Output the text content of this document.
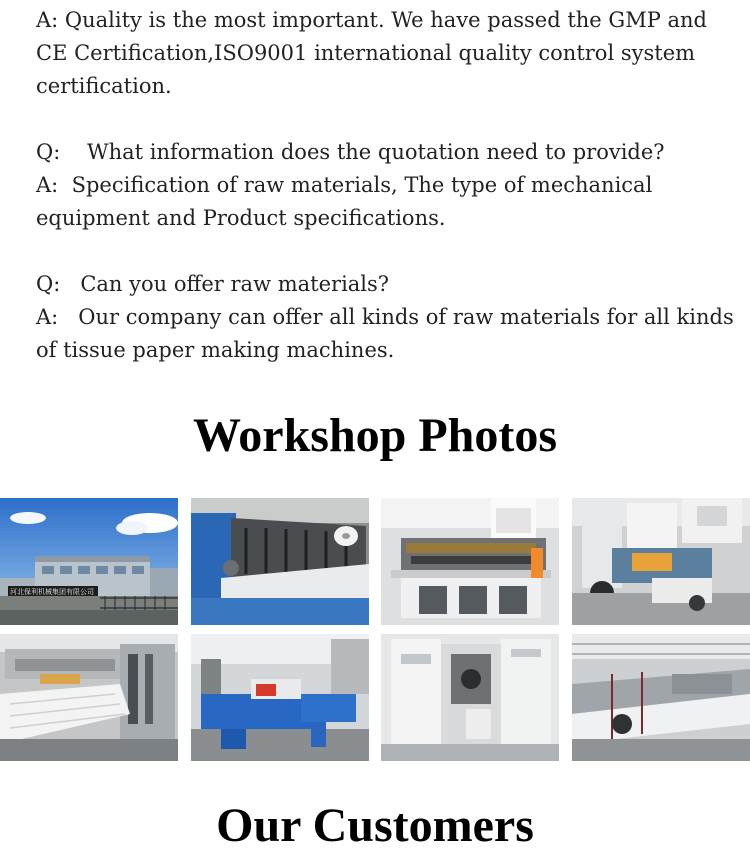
A: Quality is the most important. We have passed the GMP and CE Certification,ISO9001 international quality control system certification.

Q:    What information does the quotation need to provide?

A:  Specification of raw materials, The type of mechanical equipment and Product specifications.

Q:   Can you offer raw materials?

A:   Our company can offer all kinds of raw materials for all kinds of tissue paper making machines.

Workshop Photos
河北保利机械集团有限公司
Our Customers
